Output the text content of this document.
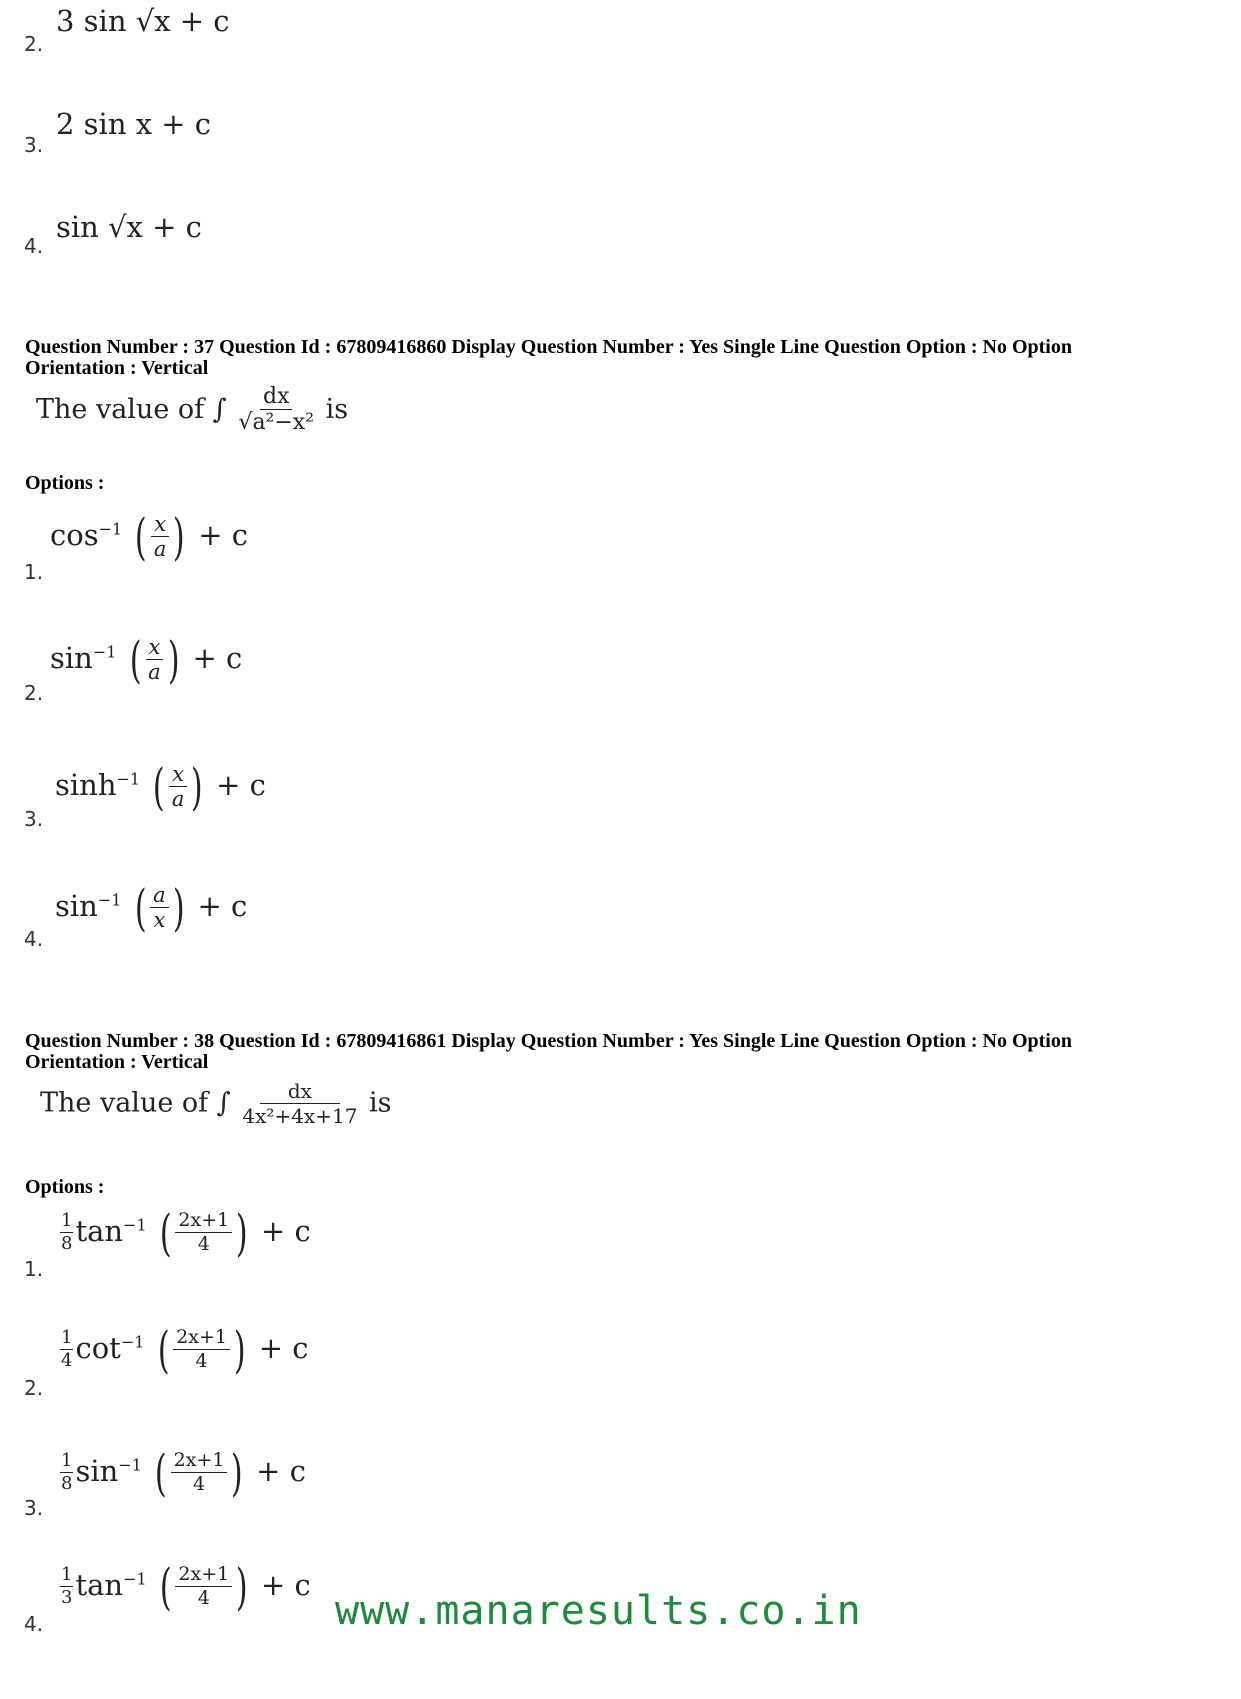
2.
3 sin √x + c
3.
2 sin x + c
4.
sin √x + c
Question Number : 37 Question Id : 67809416860 Display Question Number : Yes Single Line Question Option : No Option
Orientation : Vertical
The value of ∫ $\frac{dx}{\text{√a²−x²}}$ is
Options :
1.
$\cos^{-1}$ ( $\frac{x}{a}$ ) + c
2.
$\sin^{-1}$ ( $\frac{x}{a}$ ) + c
3.
$\sinh^{-1}$ ( $\frac{x}{a}$ ) + c
4.
$\sin^{-1}$ ( $\frac{a}{x}$ ) + c
Question Number : 38 Question Id : 67809416861 Display Question Number : Yes Single Line Question Option : No Option
Orientation : Vertical
The value of ∫ $\frac{dx}{\text{4x²+4x+17}}$ is
Options :
1.
$\frac{1}{8} \tan^{-1}$ ( $\frac{2x+1}{4}$ ) + c
2.
$\frac{1}{4} \cot^{-1}$ ( $\frac{2x+1}{4}$ ) + c
3.
$\frac{1}{8} \sin^{-1}$ ( $\frac{2x+1}{4}$ ) + c
4.
$\frac{1}{3} \tan^{-1}$ ( $\frac{2x+1}{4}$ ) + c
www.manaresults.co.in
